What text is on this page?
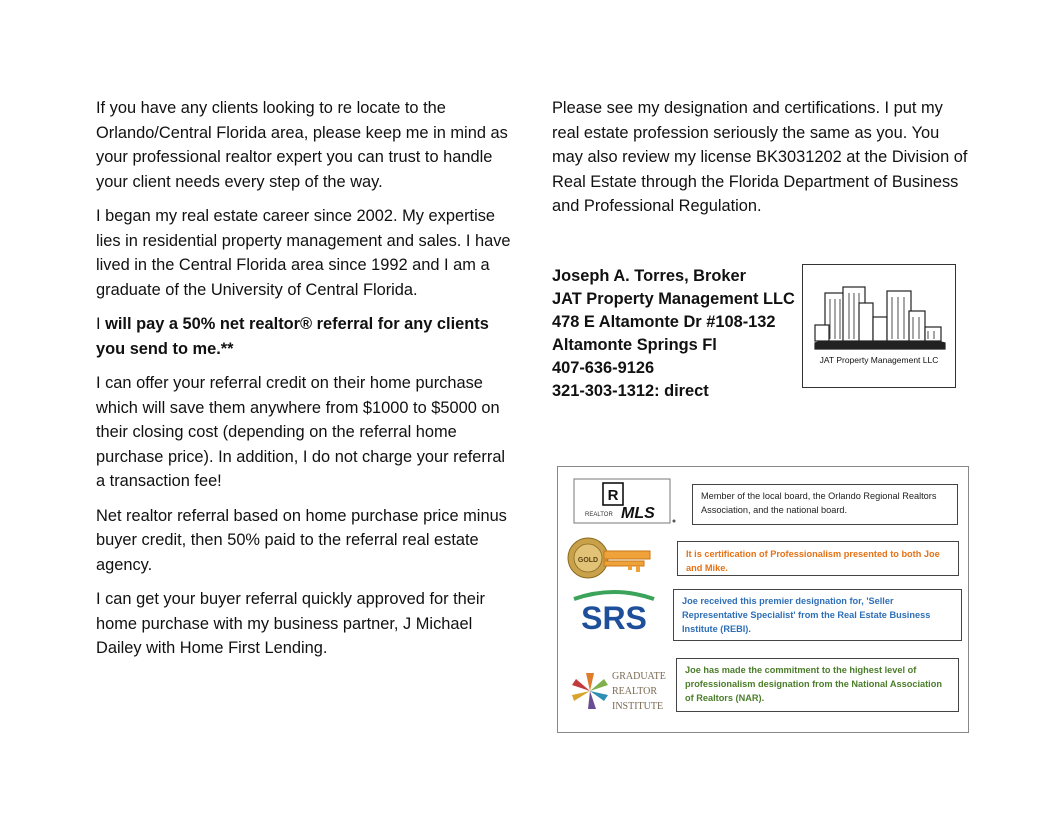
If you have any clients looking to re locate to the Orlando/Central Florida area, please keep me in mind as your professional realtor expert you can trust to handle your client needs every step of the way.

I began my real estate career since 2002. My expertise lies in residential property management and sales. I have lived in the Central Florida area since 1992 and I am a graduate of the University of Central Florida.

I will pay a 50% net realtor® referral for any clients you send to me.**

I can offer your referral credit on their home purchase which will save them anywhere from $1000 to $5000 on their closing cost (depending on the referral home purchase price). In addition, I do not charge your referral a transaction fee!

Net realtor referral based on home purchase price minus buyer credit, then 50% paid to the referral real estate agency.

I can get your buyer referral quickly approved for their home purchase with my business partner, J Michael Dailey with Home First Lending.

Please see my designation and certifications. I put my real estate profession seriously the same as you. You may also review my license BK3031202 at the Division of Real Estate through the Florida Department of Business and Professional Regulation.

Joseph A. Torres, Broker
JAT Property Management LLC
478 E Altamonte Dr #108-132
Altamonte Springs Fl
407-636-9126
321-303-1312: direct
JAT Property Management LLC
R
REALTOR MLS
Member of the local board, the Orlando Regional Realtors Association, and the national board.
GOLD
It is certification of Professionalism presented to both Joe and Mike.
SRS	Joe received this premier designation for, 'Seller Representative Specialist' from the Real Estate Business Institute (REBI).
GRADUATE
REALTOR
INSTITUTE
Joe has made the commitment to the highest level of professionalism designation from the National Association of Realtors (NAR).
